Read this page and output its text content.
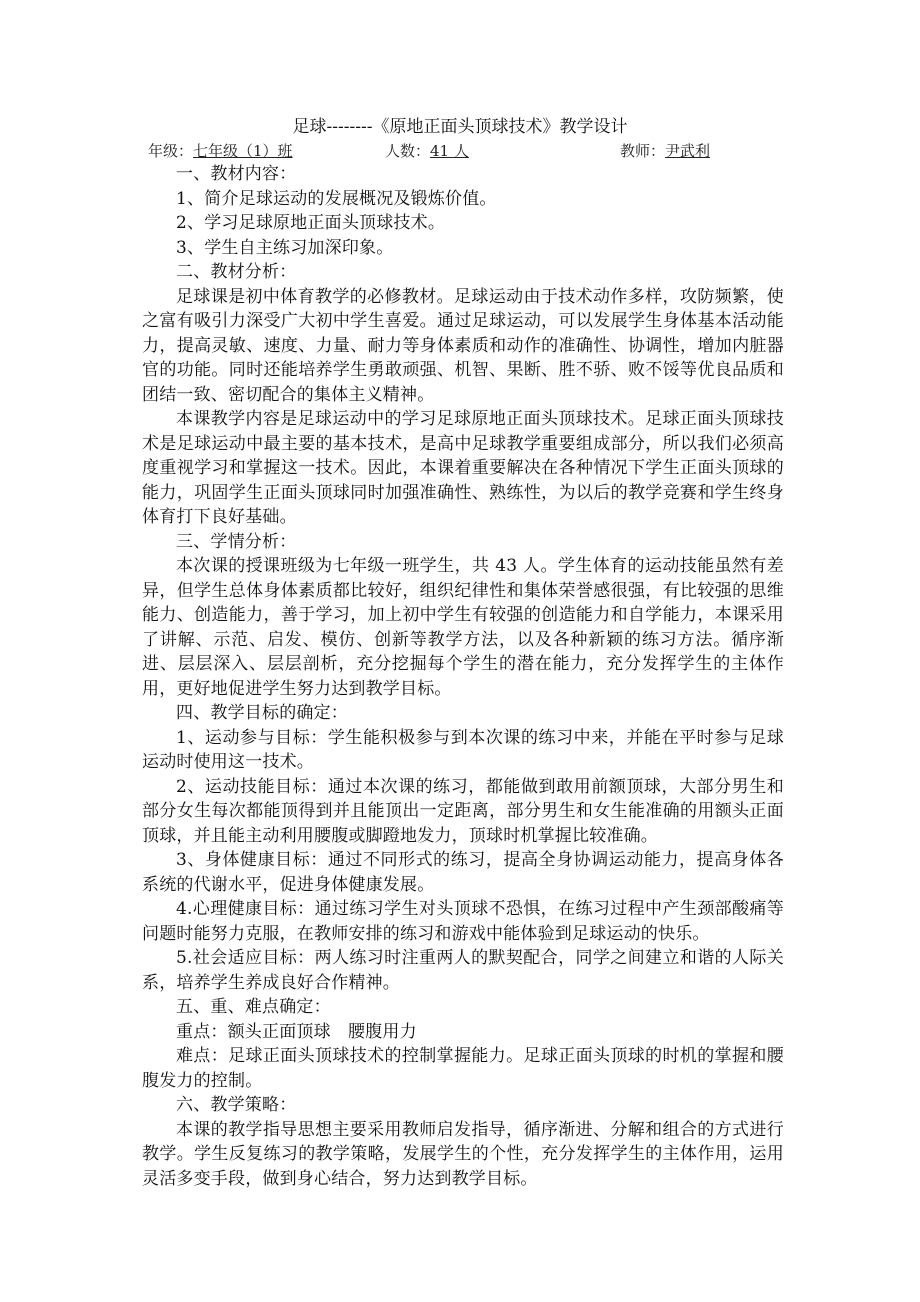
足球--------《原地正面头顶球技术》教学设计
年级：七年级（1）班	人数：41 人	教师：尹武利

一、教材内容：

1、简介足球运动的发展概况及锻炼价值。

2、学习足球原地正面头顶球技术。

3、学生自主练习加深印象。

二、教材分析：

足球课是初中体育教学的必修教材。足球运动由于技术动作多样，攻防频繁，使之富有吸引力深受广大初中学生喜爱。通过足球运动，可以发展学生身体基本活动能力，提高灵敏、速度、力量、耐力等身体素质和动作的准确性、协调性，增加内脏器官的功能。同时还能培养学生勇敢顽强、机智、果断、胜不骄、败不馁等优良品质和团结一致、密切配合的集体主义精神。

本课教学内容是足球运动中的学习足球原地正面头顶球技术。足球正面头顶球技术是足球运动中最主要的基本技术，是高中足球教学重要组成部分，所以我们必须高度重视学习和掌握这一技术。因此，本课着重要解决在各种情况下学生正面头顶球的能力，巩固学生正面头顶球同时加强准确性、熟练性，为以后的教学竞赛和学生终身体育打下良好基础。

三、学情分析：

本次课的授课班级为七年级一班学生，共 43 人。学生体育的运动技能虽然有差异，但学生总体身体素质都比较好，组织纪律性和集体荣誉感很强，有比较强的思维能力、创造能力，善于学习，加上初中学生有较强的创造能力和自学能力，本课采用了讲解、示范、启发、模仿、创新等教学方法，以及各种新颖的练习方法。循序渐进、层层深入、层层剖析，充分挖掘每个学生的潜在能力，充分发挥学生的主体作用，更好地促进学生努力达到教学目标。

四、教学目标的确定：

1、运动参与目标：学生能积极参与到本次课的练习中来，并能在平时参与足球运动时使用这一技术。

2、运动技能目标：通过本次课的练习，都能做到敢用前额顶球，大部分男生和部分女生每次都能顶得到并且能顶出一定距离，部分男生和女生能准确的用额头正面顶球，并且能主动利用腰腹或脚蹬地发力，顶球时机掌握比较准确。

3、身体健康目标：通过不同形式的练习，提高全身协调运动能力，提高身体各系统的代谢水平，促进身体健康发展。

4.心理健康目标：通过练习学生对头顶球不恐惧，在练习过程中产生颈部酸痛等问题时能努力克服，在教师安排的练习和游戏中能体验到足球运动的快乐。

5.社会适应目标：两人练习时注重两人的默契配合，同学之间建立和谐的人际关系，培养学生养成良好合作精神。

五、重、难点确定：

重点：额头正面顶球　腰腹用力

难点：足球正面头顶球技术的控制掌握能力。足球正面头顶球的时机的掌握和腰腹发力的控制。

六、教学策略：

本课的教学指导思想主要采用教师启发指导，循序渐进、分解和组合的方式进行教学。学生反复练习的教学策略，发展学生的个性，充分发挥学生的主体作用，运用灵活多变手段，做到身心结合，努力达到教学目标。
